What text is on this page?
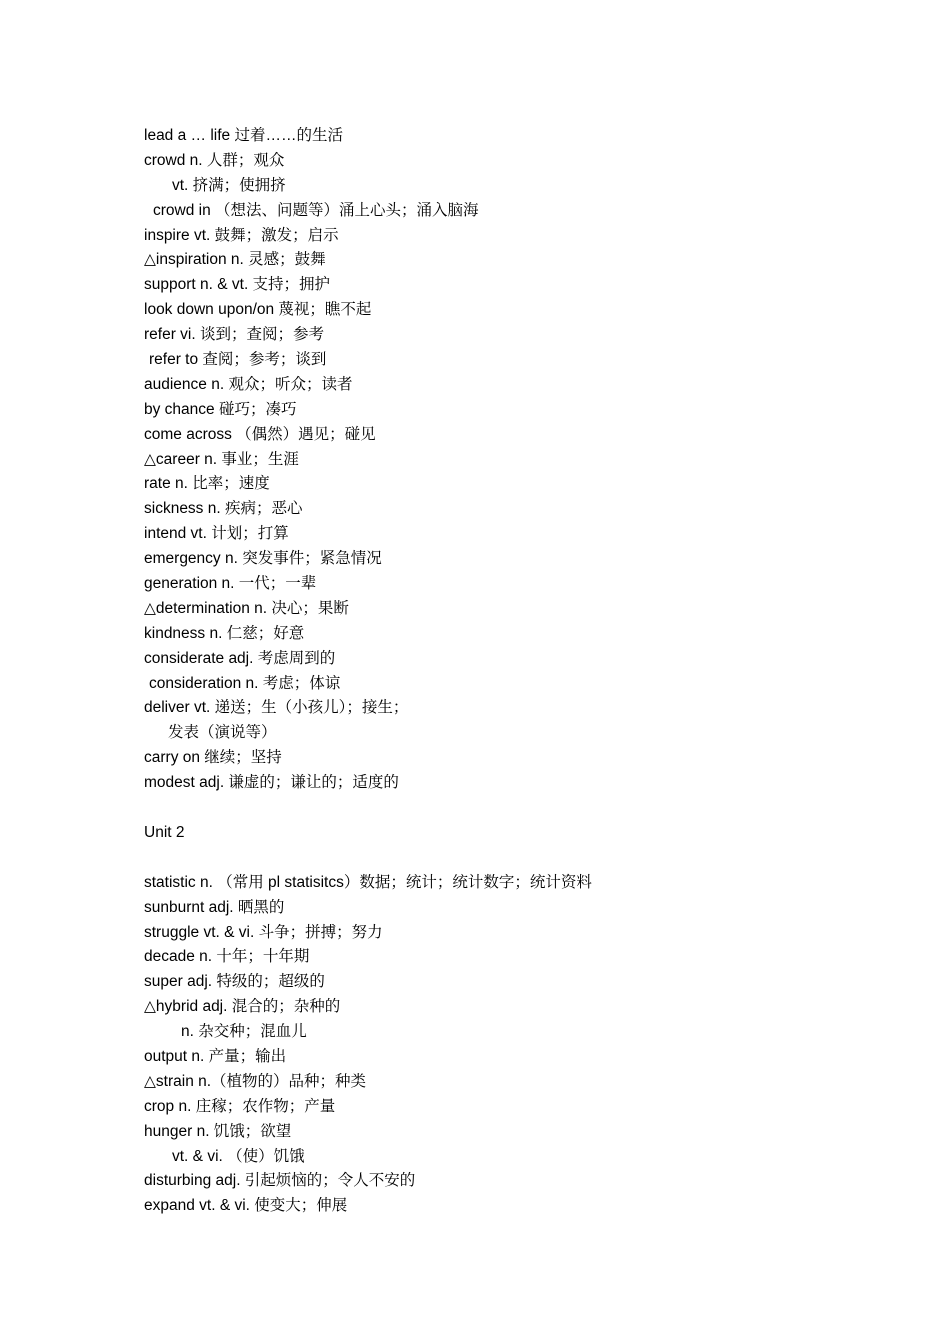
lead a … life 过着……的生活
crowd n. 人群；观众
vt. 挤满；使拥挤
crowd in （想法、问题等）涌上心头；涌入脑海
inspire vt. 鼓舞；激发；启示
△inspiration n. 灵感；鼓舞
support n. & vt. 支持；拥护
look down upon/on 蔑视；瞧不起
refer vi. 谈到；查阅；参考
refer to 查阅；参考；谈到
audience n. 观众；听众；读者
by chance 碰巧；凑巧
come across （偶然）遇见；碰见
△career n. 事业；生涯
rate n. 比率；速度
sickness n. 疾病；恶心
intend vt. 计划；打算
emergency n. 突发事件；紧急情况
generation n. 一代；一辈
△determination n. 决心；果断
kindness n. 仁慈；好意
considerate adj. 考虑周到的
consideration n. 考虑；体谅
deliver vt. 递送；生（小孩儿）；接生；
发表（演说等）
carry on 继续；坚持
modest adj. 谦虚的；谦让的；适度的
Unit 2
statistic n. （常用 pl statisitcs）数据；统计；统计数字；统计资料
sunburnt adj. 晒黑的
struggle vt. & vi. 斗争；拼搏；努力
decade n. 十年；十年期
super adj. 特级的；超级的
△hybrid adj. 混合的；杂种的
n. 杂交种；混血儿
output n. 产量；输出
△strain n.（植物的）品种；种类
crop n. 庄稼；农作物；产量
hunger n. 饥饿；欲望
vt. & vi. （使）饥饿
disturbing adj. 引起烦恼的；令人不安的
expand vt. & vi. 使变大；伸展
